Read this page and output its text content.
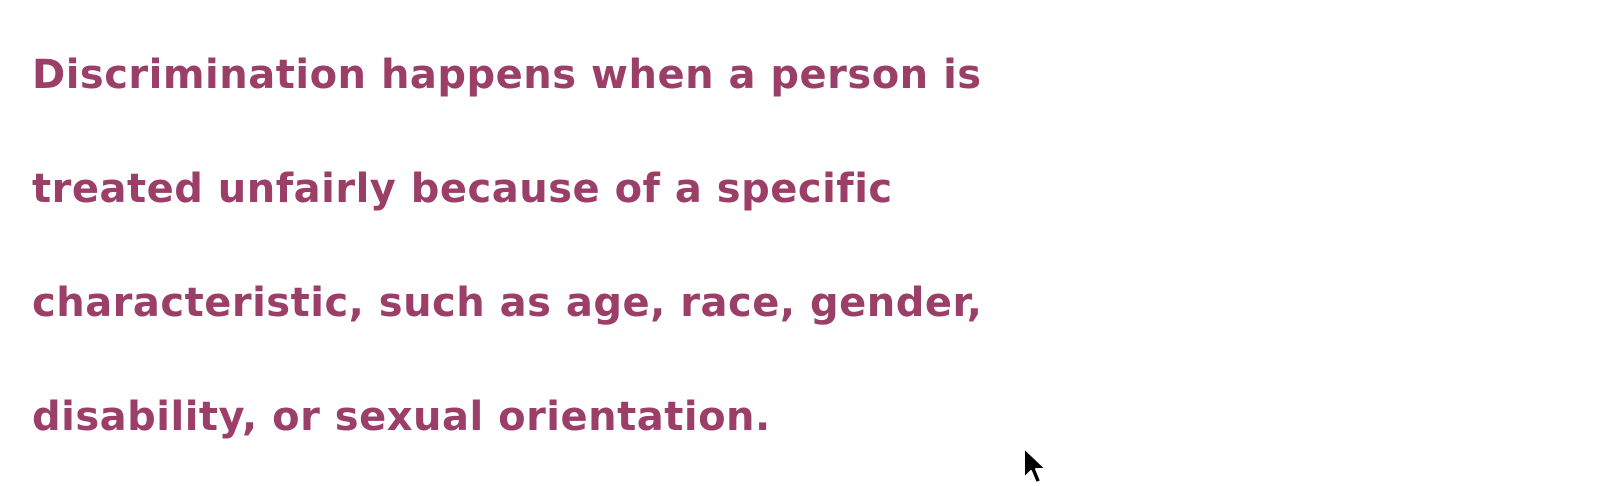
Discrimination happens when a person is
treated unfairly because of a specific
characteristic, such as age, race, gender,
disability, or sexual orientation.
